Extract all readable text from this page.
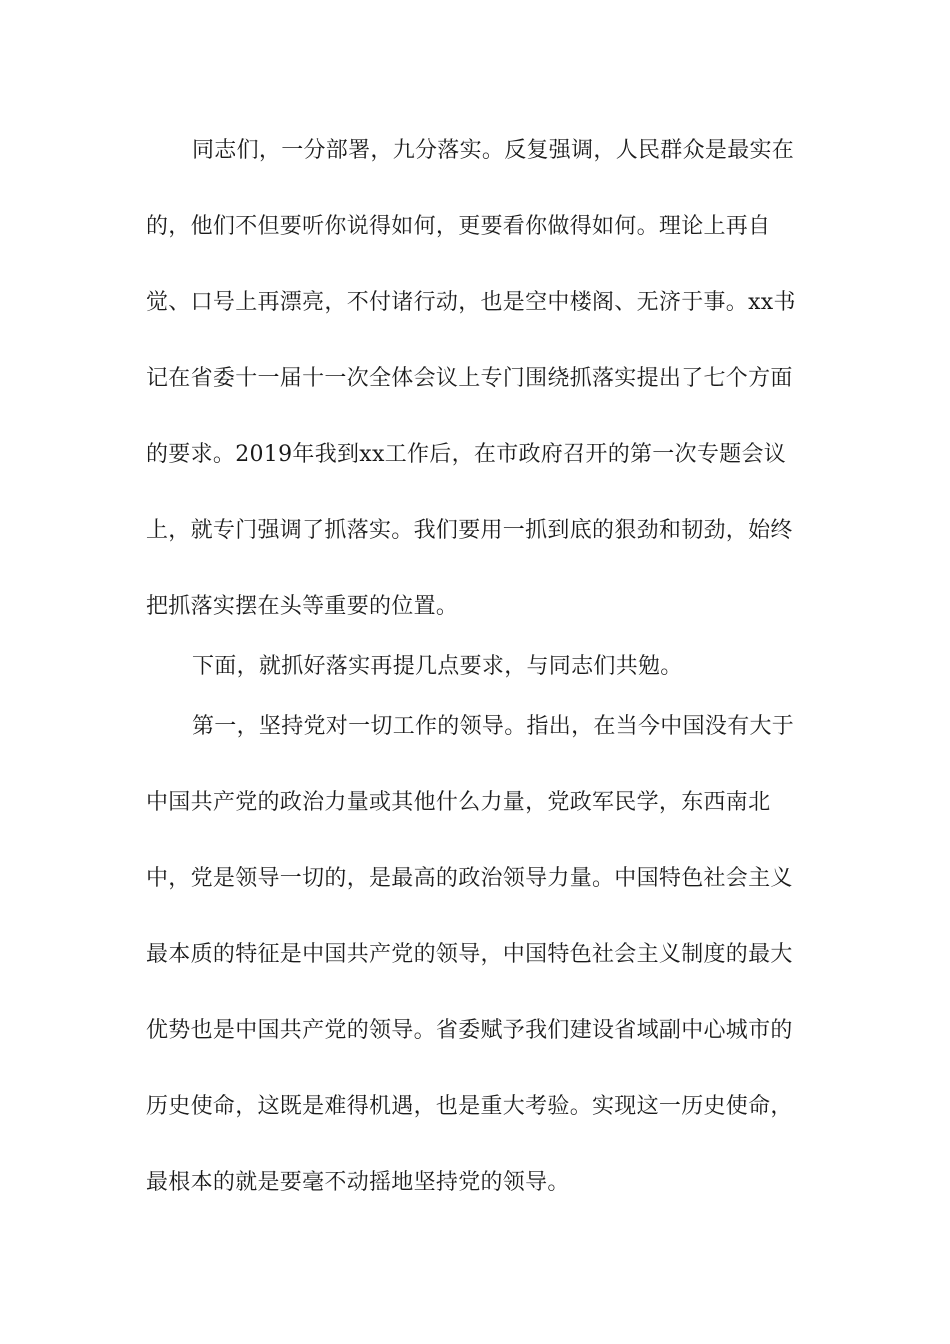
同志们，一分部署，九分落实。反复强调，人民群众是最实在
的，他们不但要听你说得如何，更要看你做得如何。理论上再自
觉、口号上再漂亮，不付诸行动，也是空中楼阁、无济于事。xx书
记在省委十一届十一次全体会议上专门围绕抓落实提出了七个方面
的要求。2019年我到xx工作后，在市政府召开的第一次专题会议
上，就专门强调了抓落实。我们要用一抓到底的狠劲和韧劲，始终
把抓落实摆在头等重要的位置。
下面，就抓好落实再提几点要求，与同志们共勉。
第一，坚持党对一切工作的领导。指出，在当今中国没有大于
中国共产党的政治力量或其他什么力量，党政军民学，东西南北
中，党是领导一切的，是最高的政治领导力量。中国特色社会主义
最本质的特征是中国共产党的领导，中国特色社会主义制度的最大
优势也是中国共产党的领导。省委赋予我们建设省域副中心城市的
历史使命，这既是难得机遇，也是重大考验。实现这一历史使命，
最根本的就是要毫不动摇地坚持党的领导。
